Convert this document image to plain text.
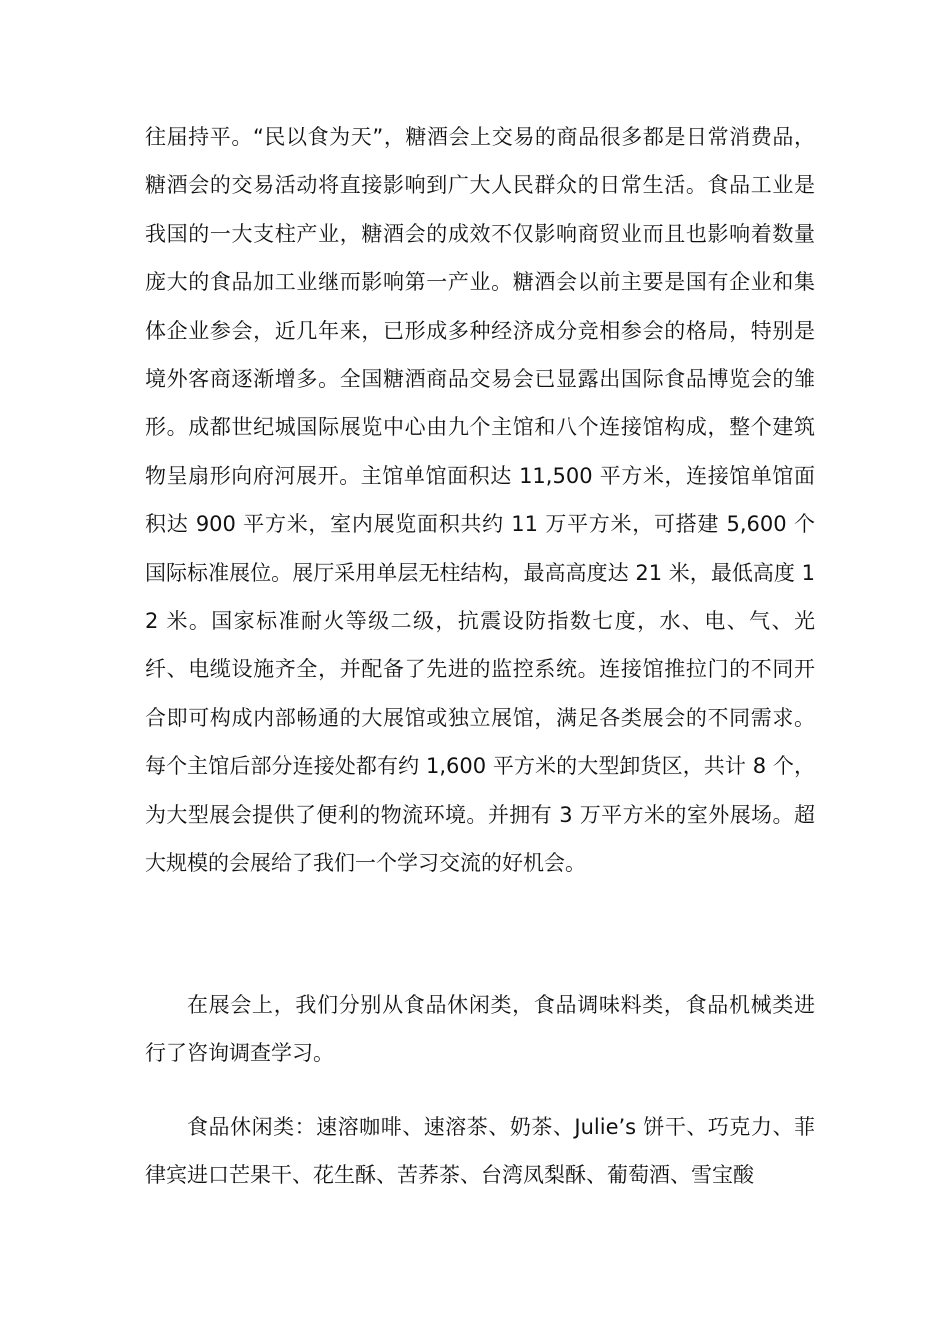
往届持平。“民以食为天”，糖酒会上交易的商品很多都是日常消费品，糖酒会的交易活动将直接影响到广大人民群众的日常生活。食品工业是我国的一大支柱产业，糖酒会的成效不仅影响商贸业而且也影响着数量庞大的食品加工业继而影响第一产业。糖酒会以前主要是国有企业和集体企业参会，近几年来，已形成多种经济成分竞相参会的格局，特别是境外客商逐渐增多。全国糖酒商品交易会已显露出国际食品博览会的雏形。成都世纪城国际展览中心由九个主馆和八个连接馆构成，整个建筑物呈扇形向府河展开。主馆单馆面积达 11,500 平方米，连接馆单馆面积达 900 平方米，室内展览面积共约 11 万平方米，可搭建 5,600 个国际标准展位。展厅采用单层无柱结构，最高高度达 21 米，最低高度 12 米。国家标准耐火等级二级，抗震设防指数七度，水、电、气、光纤、电缆设施齐全，并配备了先进的监控系统。连接馆推拉门的不同开合即可构成内部畅通的大展馆或独立展馆，满足各类展会的不同需求。每个主馆后部分连接处都有约 1,600 平方米的大型卸货区，共计 8 个，为大型展会提供了便利的物流环境。并拥有 3 万平方米的室外展场。超大规模的会展给了我们一个学习交流的好机会。

在展会上，我们分别从食品休闲类，食品调味料类，食品机械类进行了咨询调查学习。

食品休闲类：速溶咖啡、速溶茶、奶茶、Julie’s 饼干、巧克力、菲律宾进口芒果干、花生酥、苦荞茶、台湾凤梨酥、葡萄酒、雪宝酸
